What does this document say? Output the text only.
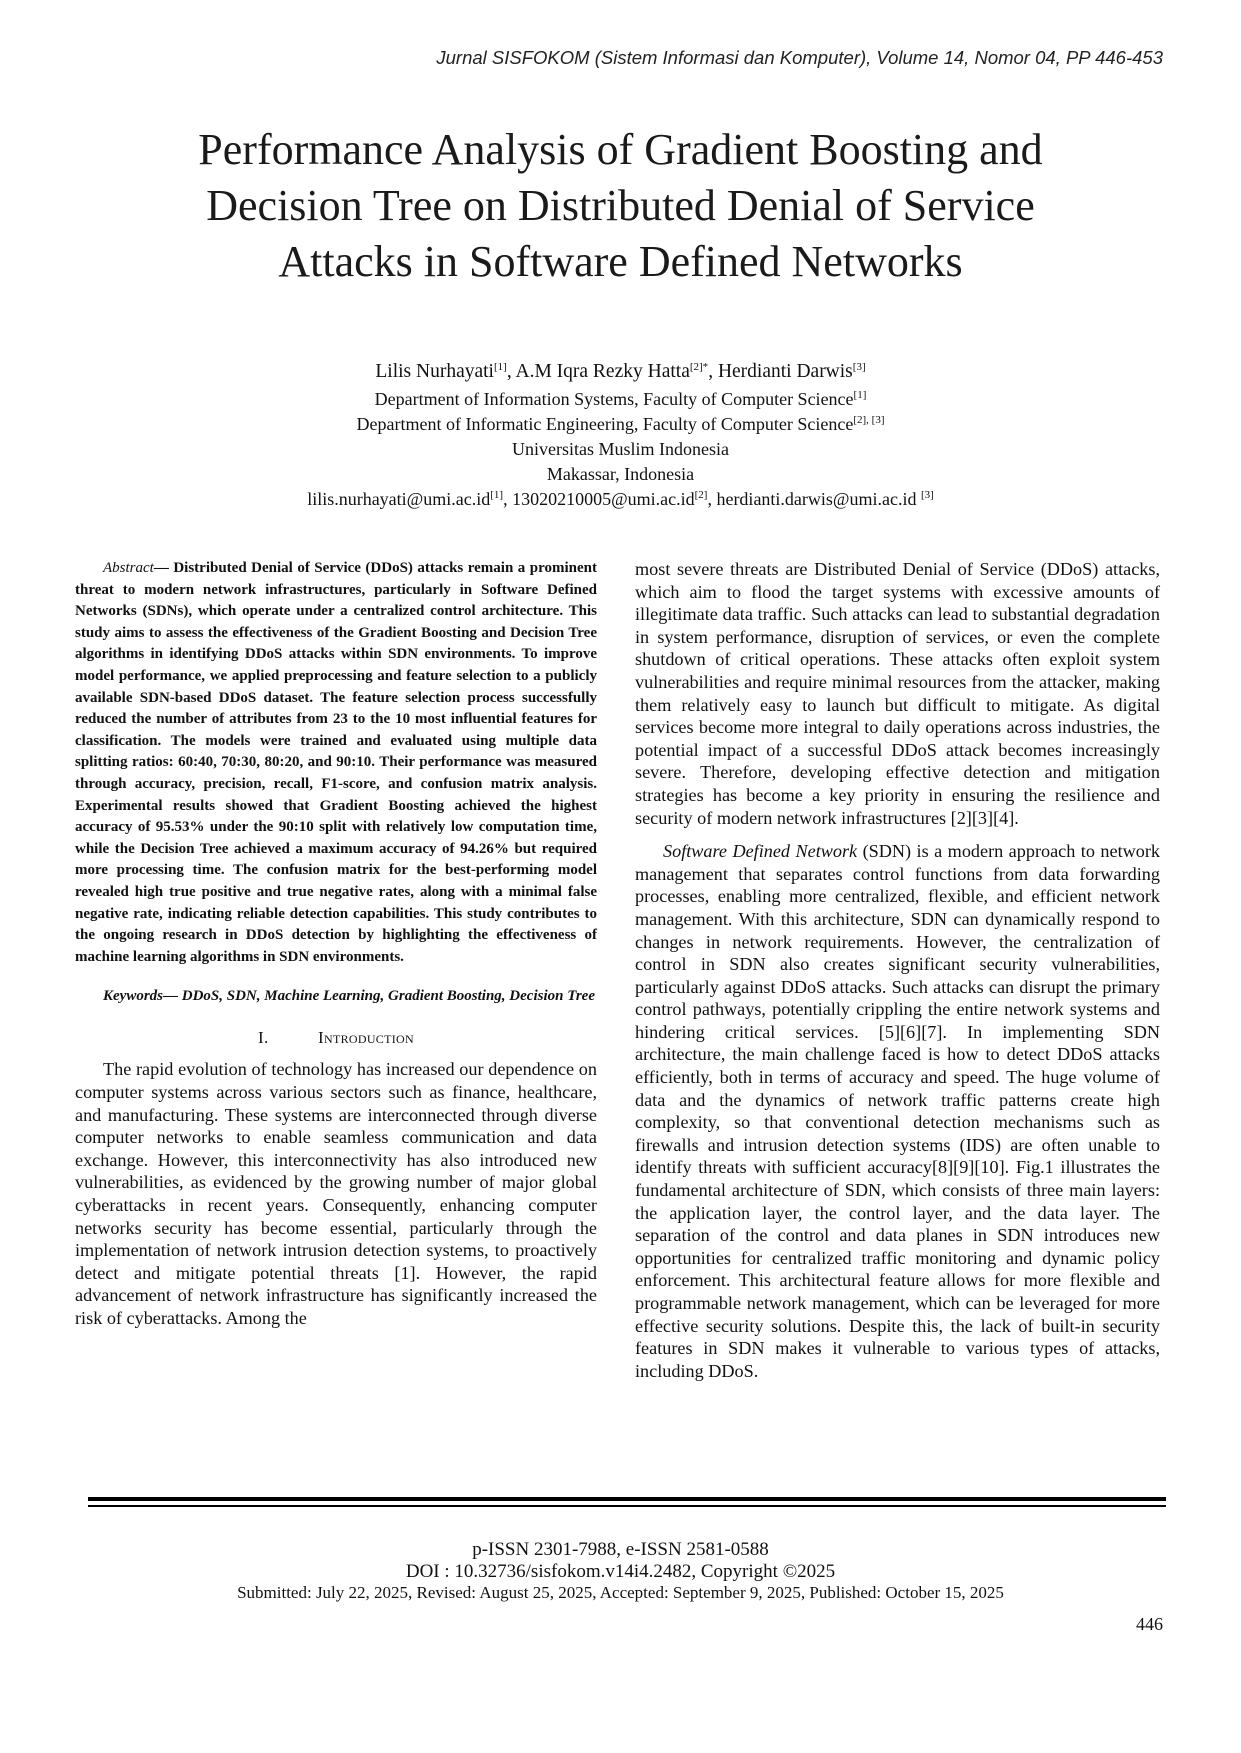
Jurnal SISFOKOM (Sistem Informasi dan Komputer), Volume 14, Nomor 04, PP 446-453
Performance Analysis of Gradient Boosting and
Decision Tree on Distributed Denial of Service
Attacks in Software Defined Networks
Lilis Nurhayati[1], A.M Iqra Rezky Hatta$^{[2]*}$, Herdianti Darwis[3]
Department of Information Systems, Faculty of Computer Science[1]
Department of Informatic Engineering, Faculty of Computer Science[2], [3]
Universitas Muslim Indonesia
Makassar, Indonesia
lilis.nurhayati@umi.ac.id[1], 13020210005@umi.ac.id[2], herdianti.darwis@umi.ac.id [3]

Abstract— Distributed Denial of Service (DDoS) attacks remain a prominent threat to modern network infrastructures, particularly in Software Defined Networks (SDNs), which operate under a centralized control architecture. This study aims to assess the effectiveness of the Gradient Boosting and Decision Tree algorithms in identifying DDoS attacks within SDN environments. To improve model performance, we applied preprocessing and feature selection to a publicly available SDN-based DDoS dataset. The feature selection process successfully reduced the number of attributes from 23 to the 10 most influential features for classification. The models were trained and evaluated using multiple data splitting ratios: 60:40, 70:30, 80:20, and 90:10. Their performance was measured through accuracy, precision, recall, F1-score, and confusion matrix analysis. Experimental results showed that Gradient Boosting achieved the highest accuracy of 95.53% under the 90:10 split with relatively low computation time, while the Decision Tree achieved a maximum accuracy of 94.26% but required more processing time. The confusion matrix for the best-performing model revealed high true positive and true negative rates, along with a minimal false negative rate, indicating reliable detection capabilities. This study contributes to the ongoing research in DDoS detection by highlighting the effectiveness of machine learning algorithms in SDN environments.

Keywords— DDoS, SDN, Machine Learning, Gradient Boosting, Decision Tree

I.	Introduction

The rapid evolution of technology has increased our dependence on computer systems across various sectors such as finance, healthcare, and manufacturing. These systems are interconnected through diverse computer networks to enable seamless communication and data exchange. However, this interconnectivity has also introduced new vulnerabilities, as evidenced by the growing number of major global cyberattacks in recent years. Consequently, enhancing computer networks security has become essential, particularly through the implementation of network intrusion detection systems, to proactively detect and mitigate potential threats [1]. However, the rapid advancement of network infrastructure has significantly increased the risk of cyberattacks. Among the

most severe threats are Distributed Denial of Service (DDoS) attacks, which aim to flood the target systems with excessive amounts of illegitimate data traffic. Such attacks can lead to substantial degradation in system performance, disruption of services, or even the complete shutdown of critical operations. These attacks often exploit system vulnerabilities and require minimal resources from the attacker, making them relatively easy to launch but difficult to mitigate. As digital services become more integral to daily operations across industries, the potential impact of a successful DDoS attack becomes increasingly severe. Therefore, developing effective detection and mitigation strategies has become a key priority in ensuring the resilience and security of modern network infrastructures [2][3][4].

Software Defined Network (SDN) is a modern approach to network management that separates control functions from data forwarding processes, enabling more centralized, flexible, and efficient network management. With this architecture, SDN can dynamically respond to changes in network requirements. However, the centralization of control in SDN also creates significant security vulnerabilities, particularly against DDoS attacks. Such attacks can disrupt the primary control pathways, potentially crippling the entire network systems and hindering critical services. [5][6][7]. In implementing SDN architecture, the main challenge faced is how to detect DDoS attacks efficiently, both in terms of accuracy and speed. The huge volume of data and the dynamics of network traffic patterns create high complexity, so that conventional detection mechanisms such as firewalls and intrusion detection systems (IDS) are often unable to identify threats with sufficient accuracy[8][9][10]. Fig.1 illustrates the fundamental architecture of SDN, which consists of three main layers: the application layer, the control layer, and the data layer. The separation of the control and data planes in SDN introduces new opportunities for centralized traffic monitoring and dynamic policy enforcement. This architectural feature allows for more flexible and programmable network management, which can be leveraged for more effective security solutions. Despite this, the lack of built-in security features in SDN makes it vulnerable to various types of attacks, including DDoS.

p-ISSN 2301-7988, e-ISSN 2581-0588
DOI : 10.32736/sisfokom.v14i4.2482, Copyright ©2025
Submitted: July 22, 2025, Revised: August 25, 2025, Accepted: September 9, 2025, Published: October 15, 2025
446
